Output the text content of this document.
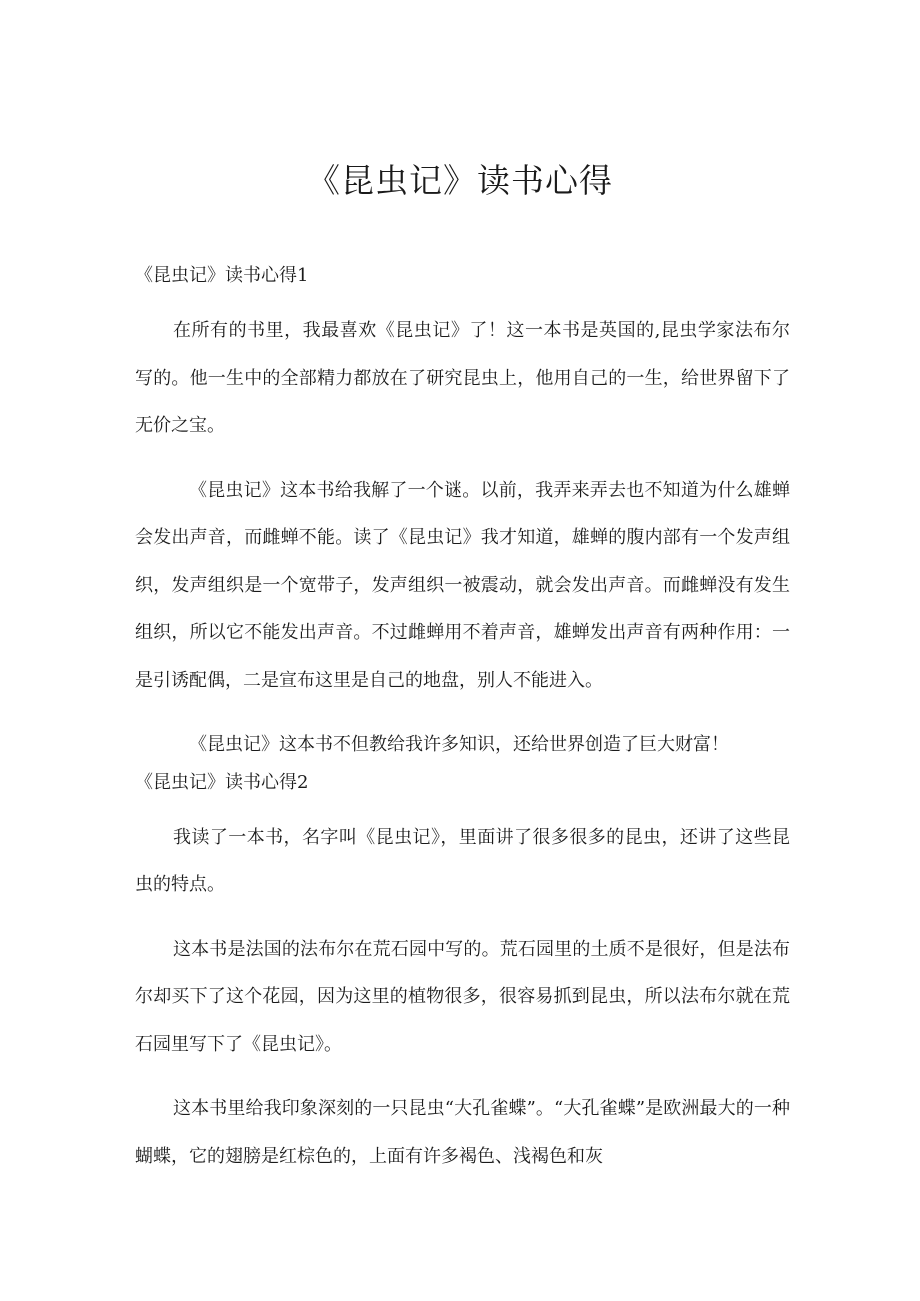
《昆虫记》读书心得
《昆虫记》读书心得1

在所有的书里，我最喜欢《昆虫记》了！这一本书是英国的,昆虫学家法布尔写的。他一生中的全部精力都放在了研究昆虫上，他用自己的一生，给世界留下了无价之宝。

《昆虫记》这本书给我解了一个谜。以前，我弄来弄去也不知道为什么雄蝉会发出声音，而雌蝉不能。读了《昆虫记》我才知道，雄蝉的腹内部有一个发声组织，发声组织是一个宽带子，发声组织一被震动，就会发出声音。而雌蝉没有发生组织，所以它不能发出声音。不过雌蝉用不着声音，雄蝉发出声音有两种作用：一是引诱配偶，二是宣布这里是自己的地盘，别人不能进入。

《昆虫记》这本书不但教给我许多知识，还给世界创造了巨大财富！

《昆虫记》读书心得2

我读了一本书，名字叫《昆虫记》，里面讲了很多很多的昆虫，还讲了这些昆虫的特点。

这本书是法国的法布尔在荒石园中写的。荒石园里的土质不是很好，但是法布尔却买下了这个花园，因为这里的植物很多，很容易抓到昆虫，所以法布尔就在荒石园里写下了《昆虫记》。

这本书里给我印象深刻的一只昆虫“大孔雀蝶”。“大孔雀蝶”是欧洲最大的一种蝴蝶，它的翅膀是红棕色的，上面有许多褐色、浅褐色和灰
